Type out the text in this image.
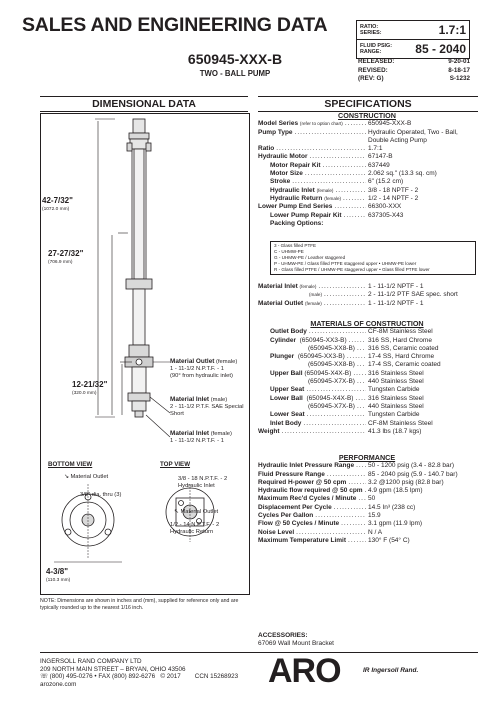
SALES AND ENGINEERING DATA	RATIO:
SERIES:	1.7:1
FLUID PSIG:
RANGE:	85 - 2040
650945-XXX-B
TWO - BALL PUMP
RELEASED:	9-20-01
REVISED:	8-18-17
(REV: G)	S-1232
DIMENSIONAL DATA	SPECIFICATIONS
42-7/32"
(1072.0 mm)
27-27/32"
(706.9 mm)
12-21/32"
(320.0 mm)
Material Outlet (female)
1 - 11-1/2 N.P.T.F. - 1
(90° from hydraulic inlet)
Material Inlet (male)
2 - 11-1/2 P.T.F. SAE Special
Short
Material Inlet (female)
1 - 11-1/2 N.P.T.F. - 1
BOTTOM VIEW	TOP VIEW
↘ Material Outlet
3/8" dia. thru (3)
4-3/8"
(110.3 mm)
3/8 - 18 N.P.T.F. - 2
Hydraulic Inlet
↖ Material Outlet
1/2 - 14 N.P.T.F. - 2
Hydraulic Return
NOTE: Dimensions are shown in inches and (mm), supplied for reference only and are typically rounded up to the nearest 1/16 inch.
CONSTRUCTION
Model Series
(refer to option chart) .....	650945-XXX-B
Pump Type .....	Hydraulic Operated, Two - Ball, Double Acting Pump
Ratio .....	1.7:1
Hydraulic Motor .....	67147-B
Motor Repair Kit .....	637449
Motor Size .....	2.062 sq." (13.3 sq. cm)
Stroke .....	6" (15.2 cm)
Hydraulic Inlet
(female) .....	3/8 - 18 NPTF - 2
Hydraulic Return
(female) .....	1/2 - 14 NPTF - 2
Lower Pump End Series .....	66300-XXX
Lower Pump Repair Kit .....	637305-X43
Packing Options:
3 - Glass filled PTFE
C - UHMW-PE
G - UHMW-PE / Leather staggered
P - UHMW-PE / Glass filled PTFE staggered upper • UHMW-PE lower
R - Glass filled PTFE / UHMW-PE staggered upper • Glass filled PTFE lower
Material Inlet
(female) .....	1 - 11-1/2 NPTF - 1
(male) .....	2 - 11-1/2 PTF SAE spec. short
Material Outlet
(female) .....	1 - 11-1/2 NPTF - 1
MATERIALS OF CONSTRUCTION
Outlet Body .....	CF-8M Stainless Steel
Cylinder
(650945-XX3-B) .....	316 SS, Hard Chrome
(650945-XX8-B) ..... 316 SS, Ceramic coated
Plunger
(650945-XX3-B) .....	17-4 SS, Hard Chrome
(650945-XX8-B) ..... 17-4 SS, Ceramic coated
Upper Ball
(650945-X4X-B) .....	316 Stainless Steel
(650945-X7X-B) ..... 440 Stainless Steel
Upper Seat .....	Tungsten Carbide
Lower Ball
(650945-X4X-B) ..... 316 Stainless Steel
(650945-X7X-B) ..... 440 Stainless Steel
Lower Seat .....	Tungsten Carbide
Inlet Body .....	CF-8M Stainless Steel
Weight .....	41.3 lbs (18.7 kgs)
PERFORMANCE
Hydraulic Inlet Pressure Range ..... 50 - 1200 psig (3.4 - 82.8 bar)
Fluid Pressure Range .....	85 - 2040 psig (5.9 - 140.7 bar)
Required H-power @ 50 cpm .....	3.2 @1200 psig (82.8 bar)
Hydraulic flow required @ 50 cpm ..... 4.9 gpm (18.5 lpm)
Maximum Rec'd Cycles / Minute ..... 50
Displacement Per Cycle .....	14.5 In³ (238 cc)
Cycles Per Gallon .....	15.9
Flow @ 50 Cycles / Minute .....	3.1 gpm (11.9 lpm)
Noise Level .....	N / A
Maximum Temperature Limit .....	130° F (54° C)
ACCESSORIES:
67069 Wall Mount Bracket
INGERSOLL RAND COMPANY LTD
209 NORTH MAIN STREET – BRYAN, OHIO 43506
☏ (800) 495-0276 • FAX (800) 892-6276 © 2017 CCN 15268923
arozone.com	ARO	IR Ingersoll Rand.
